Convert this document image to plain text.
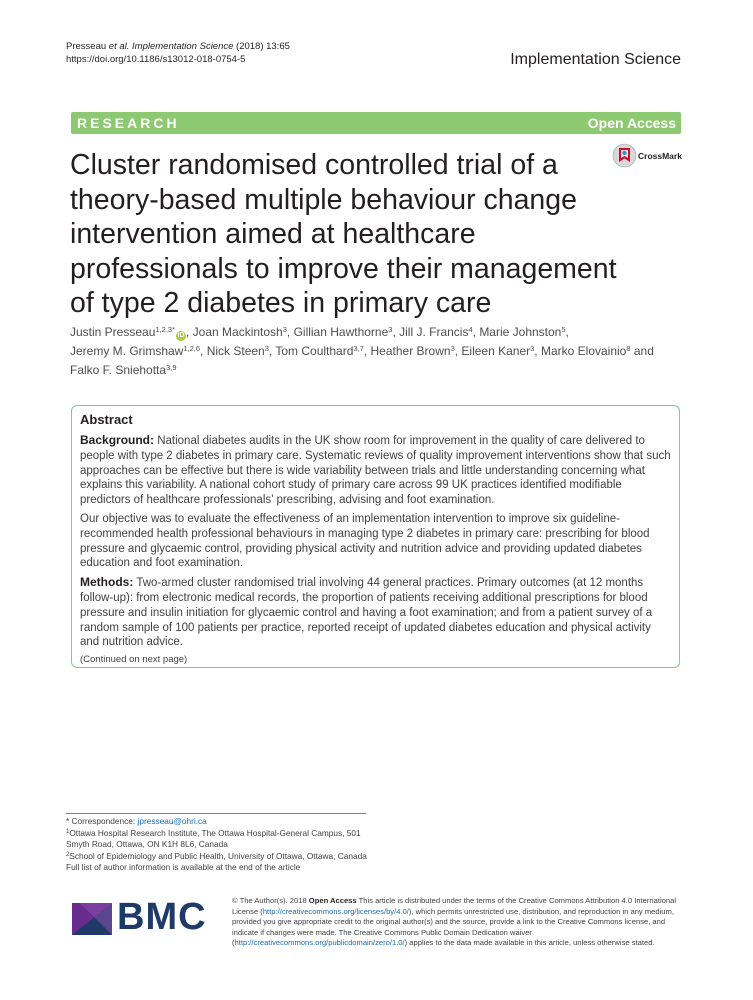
Presseau et al. Implementation Science (2018) 13:65
https://doi.org/10.1186/s13012-018-0754-5	Implementation Science
RESEARCH	Open Access
CrossMark
Cluster randomised controlled trial of a theory-based multiple behaviour change intervention aimed at healthcare professionals to improve their management of type 2 diabetes in primary care
Justin Presseau$^{1,2,3*}$iD , Joan Mackintosh$^3$, Gillian Hawthorne$^3$, Jill J. Francis$^4$, Marie Johnston$^5$, Jeremy M. Grimshaw$^{1,2,6}$, Nick Steen$^3$, Tom Coulthard$^{3,7}$, Heather Brown$^3$, Eileen Kaner$^3$, Marko Elovainio$^8$ and Falko F. Sniehotta$^{3,9}$
Abstract

Background: National diabetes audits in the UK show room for improvement in the quality of care delivered to people with type 2 diabetes in primary care. Systematic reviews of quality improvement interventions show that such approaches can be effective but there is wide variability between trials and little understanding concerning what explains this variability. A national cohort study of primary care across 99 UK practices identified modifiable predictors of healthcare professionals’ prescribing, advising and foot examination.

Our objective was to evaluate the effectiveness of an implementation intervention to improve six guideline-recommended health professional behaviours in managing type 2 diabetes in primary care: prescribing for blood pressure and glycaemic control, providing physical activity and nutrition advice and providing updated diabetes education and foot examination.

Methods: Two-armed cluster randomised trial involving 44 general practices. Primary outcomes (at 12 months follow-up): from electronic medical records, the proportion of patients receiving additional prescriptions for blood pressure and insulin initiation for glycaemic control and having a foot examination; and from a patient survey of a random sample of 100 patients per practice, reported receipt of updated diabetes education and physical activity and nutrition advice.

(Continued on next page)
* Correspondence: jpresseau@ohri.ca
$^1$Ottawa Hospital Research Institute, The Ottawa Hospital-General Campus, 501 Smyth Road, Ottawa, ON K1H 8L6, Canada
$^2$School of Epidemiology and Public Health, University of Ottawa, Ottawa, Canada
Full list of author information is available at the end of the article
BMC	© The Author(s). 2018 Open Access This article is distributed under the terms of the Creative Commons Attribution 4.0 International License (http://creativecommons.org/licenses/by/4.0/), which permits unrestricted use, distribution, and reproduction in any medium, provided you give appropriate credit to the original author(s) and the source, provide a link to the Creative Commons license, and indicate if changes were made. The Creative Commons Public Domain Dedication waiver (http://creativecommons.org/publicdomain/zero/1.0/) applies to the data made available in this article, unless otherwise stated.
